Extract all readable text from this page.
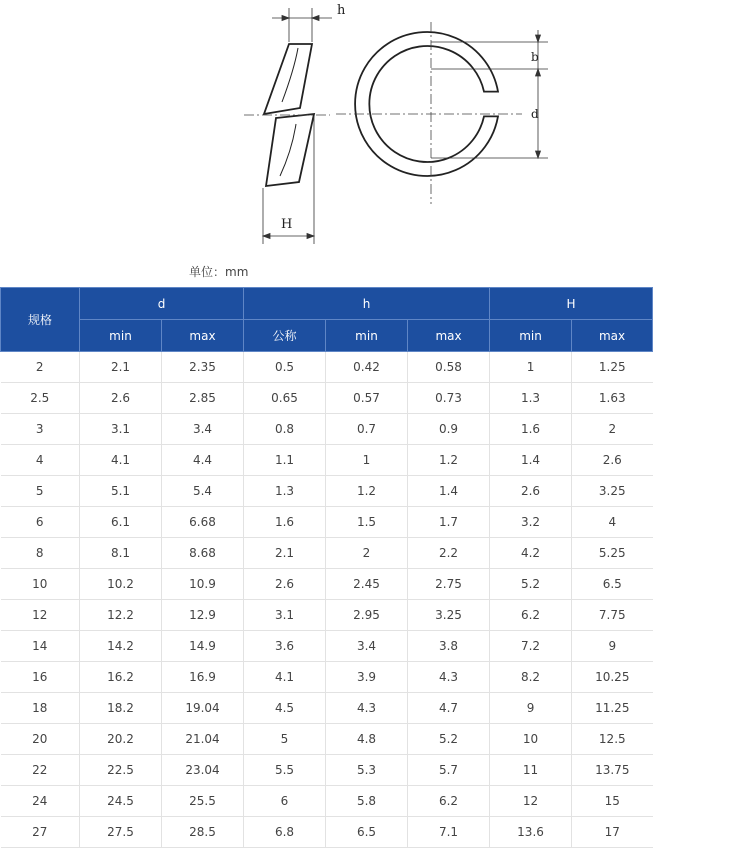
h
H
b
d
单位：mm
规格	d		h			H	
	min	max	公称	min	max	min	max
2	2.1	2.35	0.5	0.42	0.58	1	1.25
2.5	2.6	2.85	0.65	0.57	0.73	1.3	1.63
3	3.1	3.4	0.8	0.7	0.9	1.6	2
4	4.1	4.4	1.1	1	1.2	1.4	2.6
5	5.1	5.4	1.3	1.2	1.4	2.6	3.25
6	6.1	6.68	1.6	1.5	1.7	3.2	4
8	8.1	8.68	2.1	2	2.2	4.2	5.25
10	10.2	10.9	2.6	2.45	2.75	5.2	6.5
12	12.2	12.9	3.1	2.95	3.25	6.2	7.75
14	14.2	14.9	3.6	3.4	3.8	7.2	9
16	16.2	16.9	4.1	3.9	4.3	8.2	10.25
18	18.2	19.04	4.5	4.3	4.7	9	11.25
20	20.2	21.04	5	4.8	5.2	10	12.5
22	22.5	23.04	5.5	5.3	5.7	11	13.75
24	24.5	25.5	6	5.8	6.2	12	15
27	27.5	28.5	6.8	6.5	7.1	13.6	17
